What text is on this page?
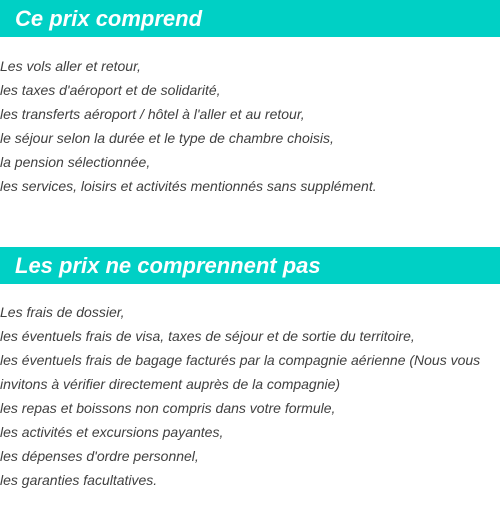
Ce prix comprend
Les vols aller et retour,
les taxes d'aéroport et de solidarité,
les transferts aéroport / hôtel à l'aller et au retour,
le séjour selon la durée et le type de chambre choisis,
la pension sélectionnée,
les services, loisirs et activités mentionnés sans supplément.
Les prix ne comprennent pas
Les frais de dossier,
les éventuels frais de visa, taxes de séjour et de sortie du territoire,
les éventuels frais de bagage facturés par la compagnie aérienne (Nous vous invitons à vérifier directement auprès de la compagnie)
les repas et boissons non compris dans votre formule,
les activités et excursions payantes,
les dépenses d'ordre personnel,
les garanties facultatives.
